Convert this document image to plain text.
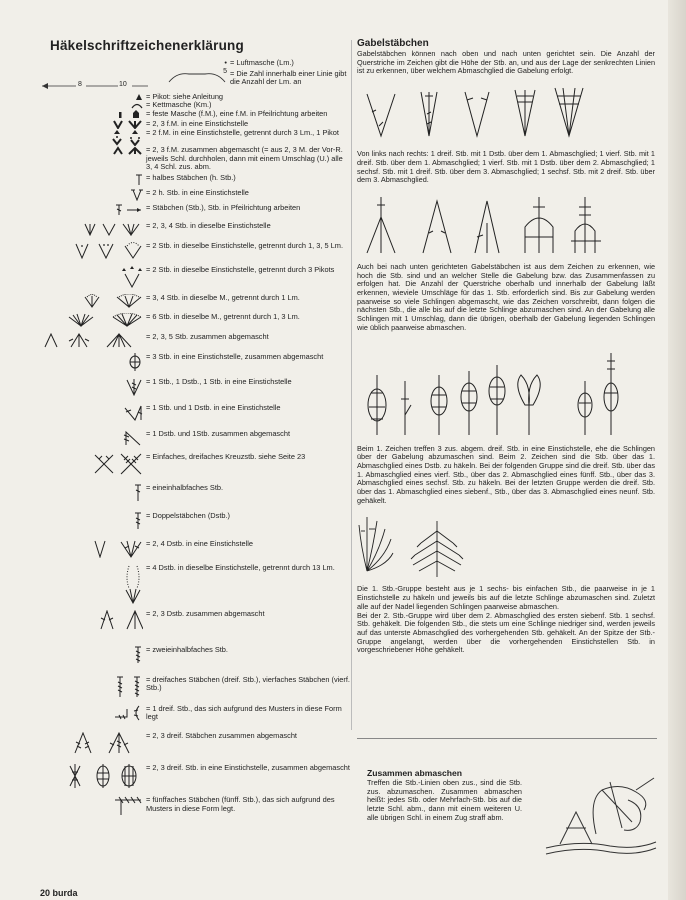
Häkelschriftzeichenerklärung
• = Luftmasche (Lm.)
5 = Die Zahl innerhalb einer Linie gibt die Anzahl der Lm. an
8	10
= Pikot: siehe Anleitung
= Kettmasche (Km.)
= feste Masche (f.M.), eine f.M. in Pfeilrichtung arbeiten
= 2, 3 f.M. in eine Einstichstelle
= 2 f.M. in eine Einstichstelle, getrennt durch 3 Lm., 1 Pikot
= 2, 3 f.M. zusammen abgemascht (= aus 2, 3 M. der Vor-R. jeweils Schl. durchholen, dann mit einem Umschlag (U.) alle 3, 4 Schl. zus. abm.
= halbes Stäbchen (h. Stb.)
= 2 h. Stb. in eine Einstichstelle
= Stäbchen (Stb.), Stb. in Pfeilrichtung arbeiten
= 2, 3, 4 Stb. in dieselbe Einstichstelle
= 2 Stb. in dieselbe Einstichstelle, getrennt durch 1, 3, 5 Lm.
= 2 Stb. in dieselbe Einstichstelle, getrennt durch 3 Pikots
= 3, 4 Stb. in dieselbe M., getrennt durch 1 Lm.
= 6 Stb. in dieselbe M., getrennt durch 1, 3 Lm.
= 2, 3, 5 Stb. zusammen abgemascht
= 3 Stb. in eine Einstichstelle, zusammen abgemascht
= 1 Stb., 1 Dstb., 1 Stb. in eine Einstichstelle
= 1 Stb. und 1 Dstb. in eine Einstichstelle
= 1 Dstb. und 1Stb. zusammen abgemascht
= Einfaches, dreifaches Kreuzstb. siehe Seite 23
= eineinhalbfaches Stb.
= Doppelstäbchen (Dstb.)
= 2, 4 Dstb. in eine Einstichstelle
= 4 Dstb. in dieselbe Einstichstelle, getrennt durch 13 Lm.
= 2, 3 Dstb. zusammen abgemascht
= zweieinhalbfaches Stb.
= dreifaches Stäbchen (dreif. Stb.), vierfaches Stäbchen (vierf. Stb.)
= 1 dreif. Stb., das sich aufgrund des Musters in diese Form legt
= 2, 3 dreif. Stäbchen zusammen abgemascht
= 2, 3 dreif. Stb. in eine Einstichstelle, zusammen abgemascht
= fünffaches Stäbchen (fünff. Stb.), das sich aufgrund des Musters in diese Form legt.
Gabelstäbchen

Gabelstäbchen können nach oben und nach unten gerichtet sein. Die Anzahl der Querstriche im Zeichen gibt die Höhe der Stb. an, und aus der Lage der senkrechten Linien ist zu erkennen, über welchem Abmaschglied die Gabelung erfolgt.

Von links nach rechts: 1 dreif. Stb. mit 1 Dstb. über dem 1. Abmaschglied; 1 vierf. Stb. mit 1 dreif. Stb. über dem 1. Abmaschglied; 1 vierf. Stb. mit 1 Dstb. über dem 2. Abmaschglied; 1 sechsf. Stb. mit 1 dreif. Stb. über dem 3. Abmaschglied; 1 sechsf. Stb. mit 2 dreif. Stb. über dem 3. Abmaschglied.

Auch bei nach unten gerichteten Gabelstäbchen ist aus dem Zeichen zu erkennen, wie hoch die Stb. sind und an welcher Stelle die Gabelung bzw. das Zusammenfassen zu erfolgen hat. Die Anzahl der Querstriche oberhalb und innerhalb der Gabelung läßt erkennen, wieviele Umschläge für das 1. Stb. erforderlich sind. Bis zur Gabelung werden paarweise so viele Schlingen abgemascht, wie das Zeichen vorschreibt, dann folgen die nächsten Stb., die alle bis auf die letzte Schlinge abzumaschen sind. An der Gabelung alle Schlingen mit 1 Umschlag, dann die übrigen, oberhalb der Gabelung liegenden Schlingen wie üblich paarweise abmaschen.

Beim 1. Zeichen treffen 3 zus. abgem. dreif. Stb. in eine Einstichstelle, ehe die Schlingen über der Gabelung abzumaschen sind. Beim 2. Zeichen sind die Stb. über das 1. Abmaschglied eines Dstb. zu häkeln. Bei der folgenden Gruppe sind die dreif. Stb. über das 1. Abmaschglied eines vierf. Stb., über das 2. Abmaschglied eines fünff. Stb., über das 3. Abmaschglied eines sechsf. Stb. zu häkeln. Bei der letzten Gruppe werden die dreif. Stb. über das 1. Abmaschglied eines siebenf., Stb., über das 3. Abmaschglied eines neunf. Stb. gehäkelt.

Die 1. Stb.-Gruppe besteht aus je 1 sechs- bis einfachen Stb., die paarweise in je 1 Einstichstelle zu häkeln und jeweils bis auf die letzte Schlinge abzumaschen sind. Zuletzt alle auf der Nadel liegenden Schlingen paarweise abmaschen.

Bei der 2. Stb.-Gruppe wird über dem 2. Abmaschglied des ersten siebenf. Stb. 1 sechsf. Stb. gehäkelt. Die folgenden Stb., die stets um eine Schlinge niedriger sind, werden jeweils auf das unterste Abmaschglied des vorhergehenden Stb. gehäkelt. An der Spitze der Stb.-Gruppe angelangt, werden über die vorhergehenden Einstichstellen Stb. in vorgeschriebener Höhe gehäkelt.

Zusammen abmaschen

Treffen die Stb.-Linien oben zus., sind die Stb. zus. abzumaschen. Zusammen abmaschen heißt: jedes Stb. oder Mehrfach-Stb. bis auf die letzte Schl. abm., dann mit einem weiteren U. alle übrigen Schl. in einem Zug straff abm.

20 burda
